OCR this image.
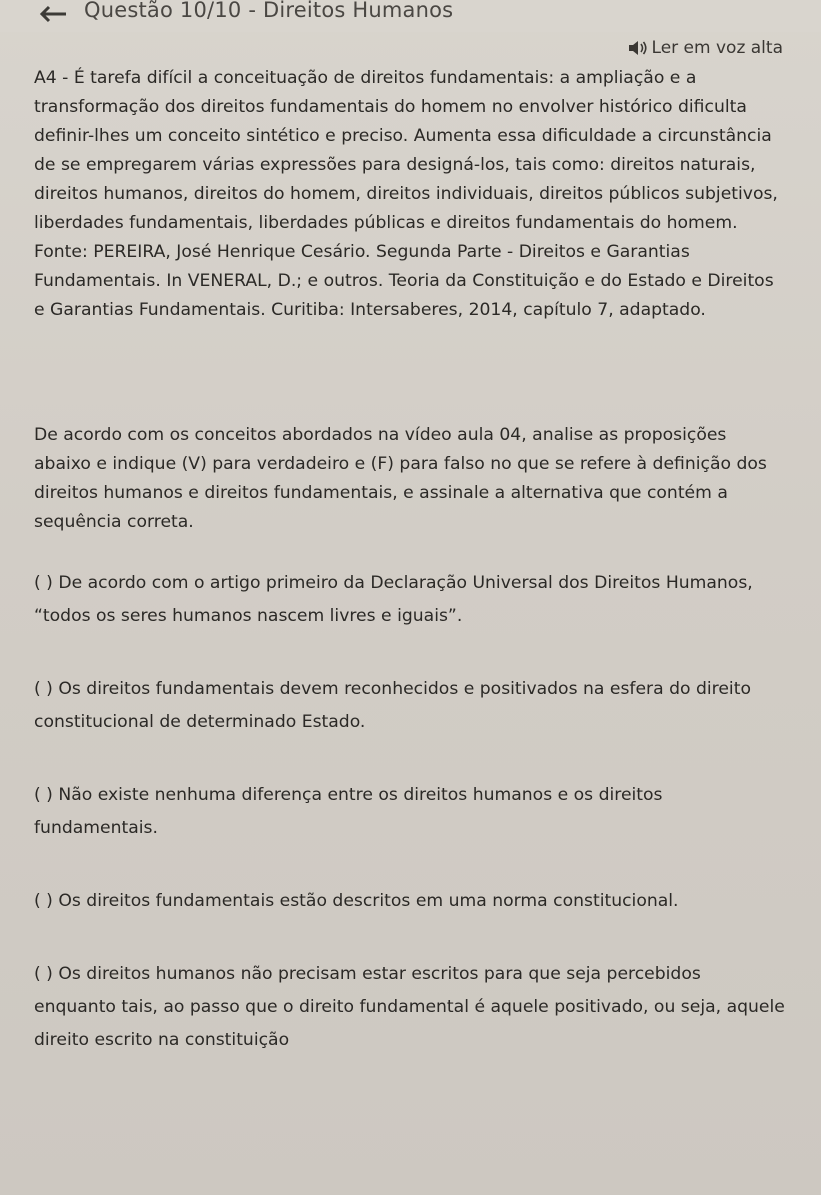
Questão 10/10 - Direitos Humanos
Ler em voz alta

A4 - É tarefa difícil a conceituação de direitos fundamentais: a ampliação e a transformação dos direitos fundamentais do homem no envolver histórico dificulta definir-lhes um conceito sintético e preciso. Aumenta essa dificuldade a circunstância de se empregarem várias expressões para designá-los, tais como: direitos naturais, direitos humanos, direitos do homem, direitos individuais, direitos públicos subjetivos, liberdades fundamentais, liberdades públicas e direitos fundamentais do homem. Fonte: PEREIRA, José Henrique Cesário. Segunda Parte - Direitos e Garantias Fundamentais. In VENERAL, D.; e outros. Teoria da Constituição e do Estado e Direitos e Garantias Fundamentais. Curitiba: Intersaberes, 2014, capítulo 7, adaptado.

De acordo com os conceitos abordados na vídeo aula 04, analise as proposições abaixo e indique (V) para verdadeiro e (F) para falso no que se refere à definição dos direitos humanos e direitos fundamentais, e assinale a alternativa que contém a sequência correta.

( ) De acordo com o artigo primeiro da Declaração Universal dos Direitos Humanos, “todos os seres humanos nascem livres e iguais”.

( ) Os direitos fundamentais devem reconhecidos e positivados na esfera do direito constitucional de determinado Estado.

( ) Não existe nenhuma diferença entre os direitos humanos e os direitos fundamentais.

( ) Os direitos fundamentais estão descritos em uma norma constitucional.

( ) Os direitos humanos não precisam estar escritos para que seja percebidos enquanto tais, ao passo que o direito fundamental é aquele positivado, ou seja, aquele direito escrito na constituição
